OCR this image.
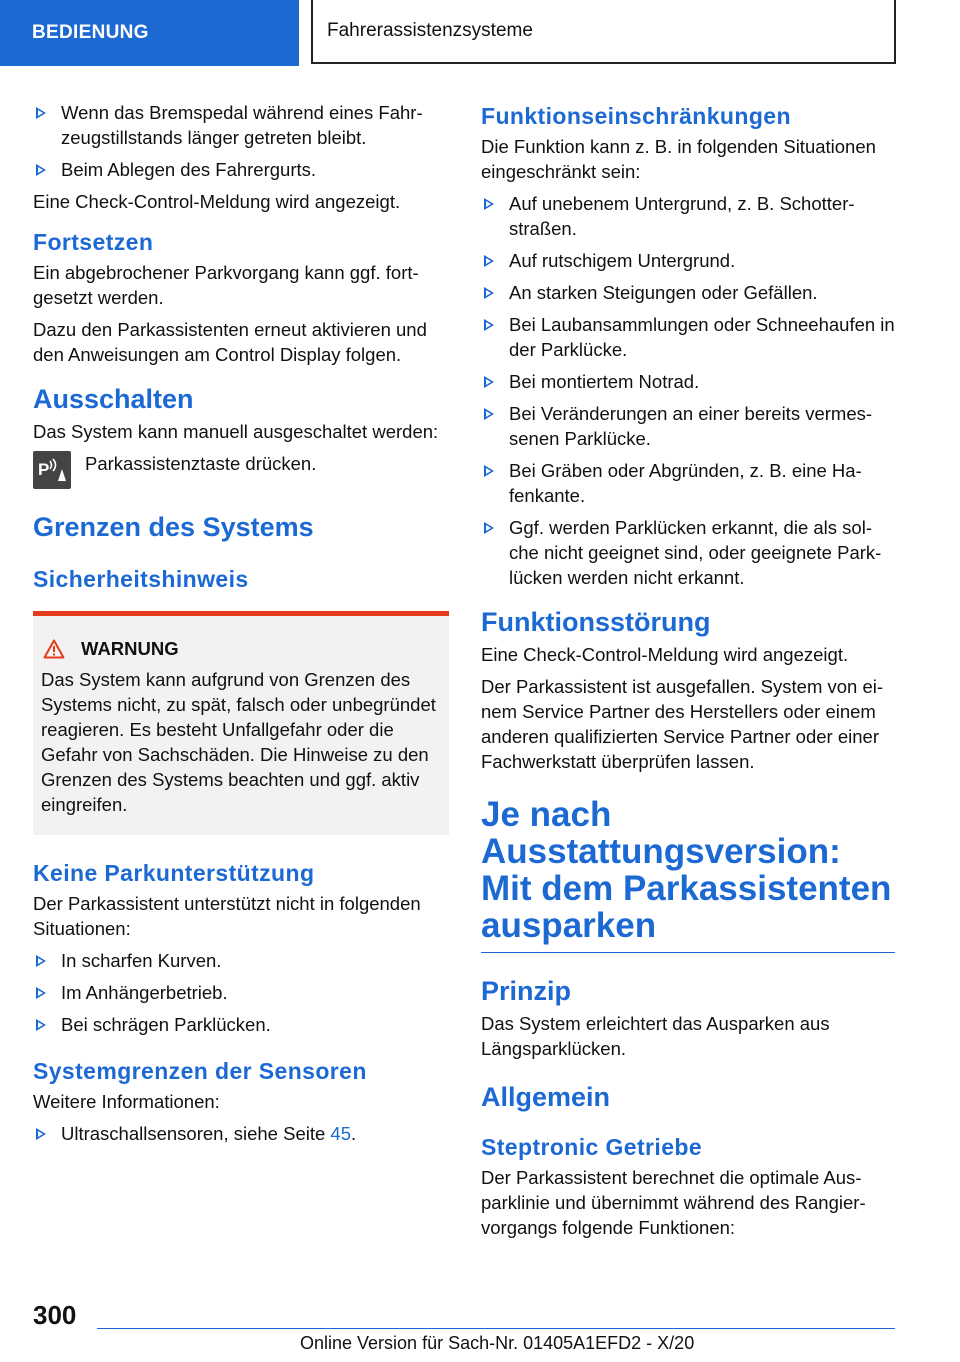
BEDIENUNG	Fahrerassistenzsysteme
Wenn das Bremspedal während eines Fahrzeugstillstands länger getreten bleibt.
Beim Ablegen des Fahrergurts.

Eine Check-Control-Meldung wird angezeigt.

Fortsetzen

Ein abgebrochener Parkvorgang kann ggf. fortgesetzt werden.

Dazu den Parkassistenten erneut aktivieren und den Anweisungen am Control Display folgen.

Ausschalten

Das System kann manuell ausgeschaltet werden:

P Parkassistenztaste drücken.
Grenzen des Systems
Sicherheitshinweis
WARNUNG

Das System kann aufgrund von Grenzen des Systems nicht, zu spät, falsch oder unbegründet reagieren. Es besteht Unfallgefahr oder die Gefahr von Sachschäden. Die Hinweise zu den Grenzen des Systems beachten und ggf. aktiv eingreifen.

Keine Parkunterstützung

Der Parkassistent unterstützt nicht in folgenden Situationen:

In scharfen Kurven.
Im Anhängerbetrieb.
Bei schrägen Parklücken.
Systemgrenzen der Sensoren

Weitere Informationen:

Ultraschallsensoren, siehe Seite 45.
Funktionseinschränkungen

Die Funktion kann z. B. in folgenden Situationen eingeschränkt sein:

Auf unebenem Untergrund, z. B. Schotterstraßen.
Auf rutschigem Untergrund.
An starken Steigungen oder Gefällen.
Bei Laubansammlungen oder Schneehaufen in der Parklücke.
Bei montiertem Notrad.
Bei Veränderungen an einer bereits vermessenen Parklücke.
Bei Gräben oder Abgründen, z. B. eine Hafenkante.
Ggf. werden Parklücken erkannt, die als solche nicht geeignet sind, oder geeignete Parklücken werden nicht erkannt.
Funktionsstörung

Eine Check-Control-Meldung wird angezeigt.

Der Parkassistent ist ausgefallen. System von einem Service Partner des Herstellers oder einem anderen qualifizierten Service Partner oder einer Fachwerkstatt überprüfen lassen.

Je nach Ausstattungsversion: Mit dem Parkassistenten ausparken
Prinzip

Das System erleichtert das Ausparken aus Längsparklücken.

Allgemein
Steptronic Getriebe

Der Parkassistent berechnet die optimale Ausparklinie und übernimmt während des Rangiervorgangs folgende Funktionen:

300
Online Version für Sach-Nr. 01405A1EFD2 - X/20
